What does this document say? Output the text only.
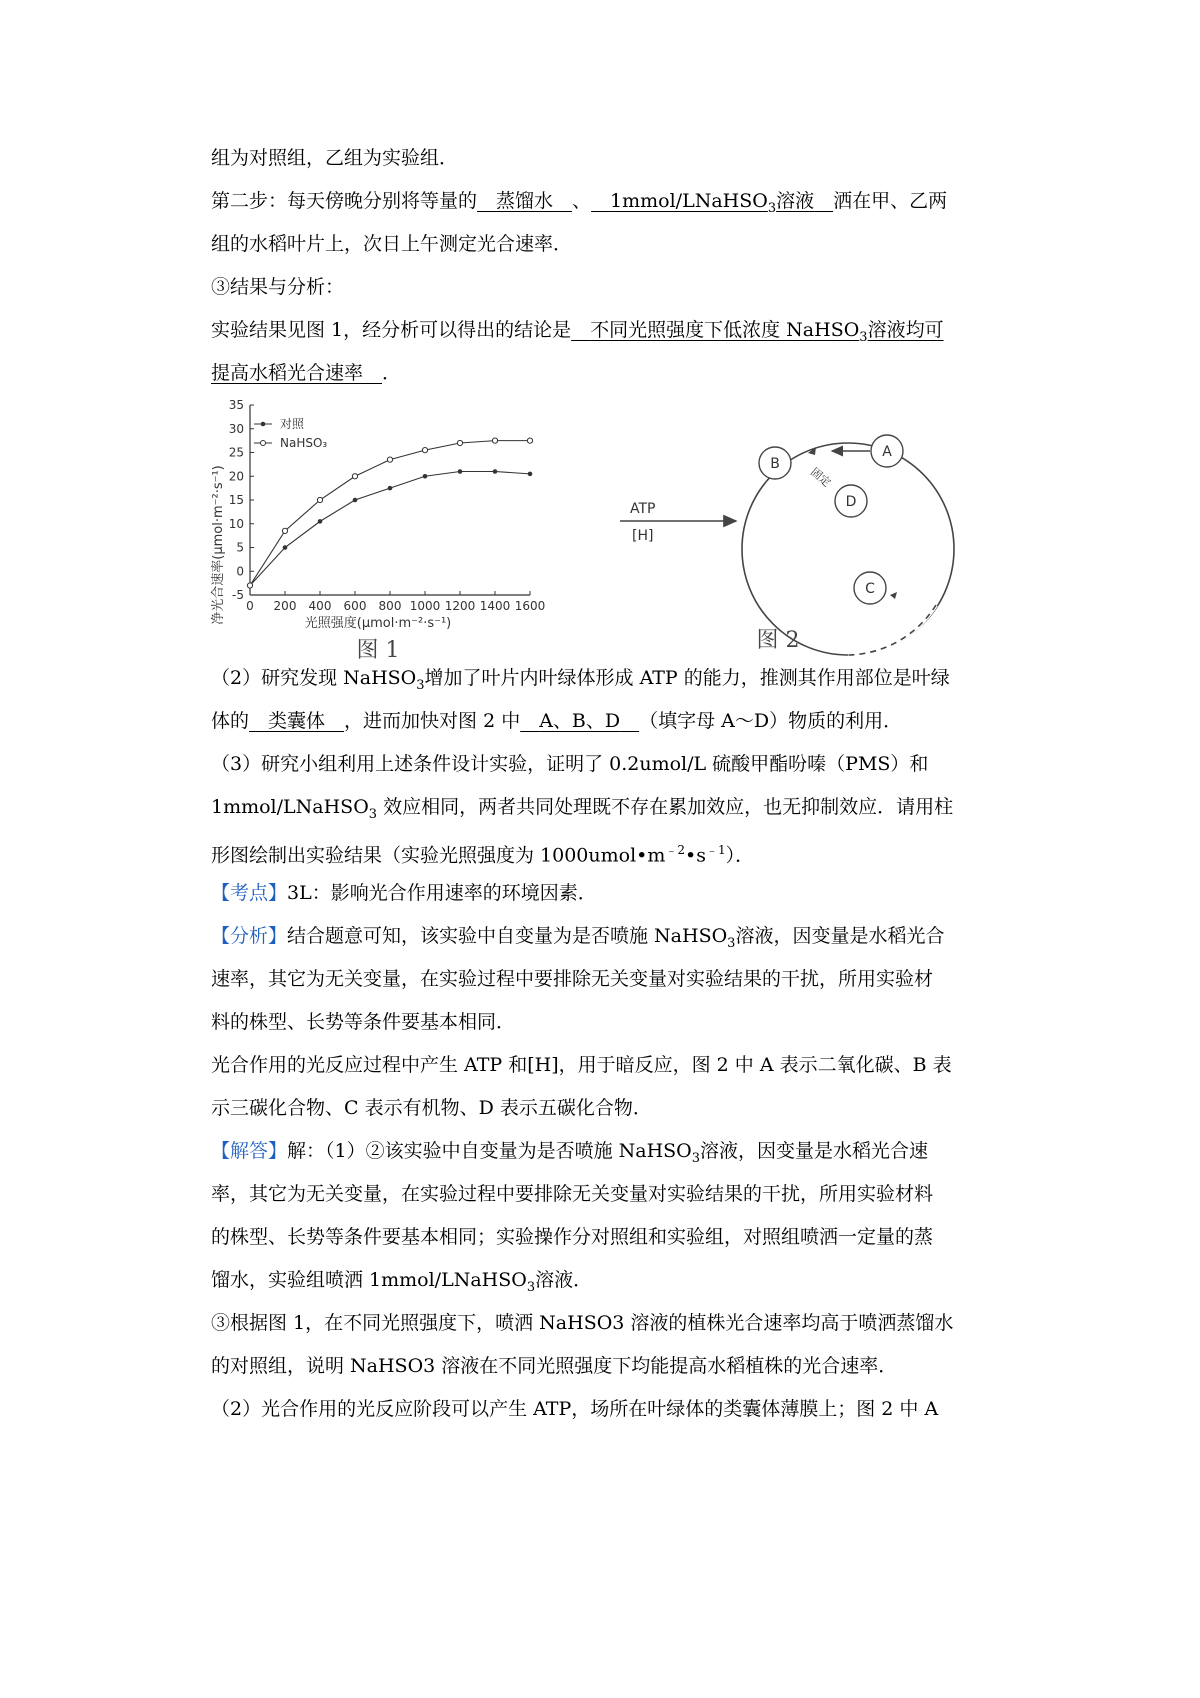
组为对照组，乙组为实验组．
第二步：每天傍晚分别将等量的   蒸馏水   、   1mmol/LNaHSO$_3$溶液   洒在甲、乙两
组的水稻叶片上，次日上午测定光合速率．
③结果与分析：
实验结果见图 1，经分析可以得出的结论是   不同光照强度下低浓度 NaHSO$_3$溶液均可
提高水稻光合速率   ．
-5
0
5
10
15
20
25
30
35
0 200 400 600 800 1000 1200 1400 1600
净光合速率(μmol·m⁻²·s⁻¹)	光照强度(μmol·m⁻²·s⁻¹)
图 1
对照
NaHSO₃
B
D
A
固定
ATP
[H]
C
图 2
（2）研究发现 NaHSO$_3$增加了叶片内叶绿体形成 ATP 的能力，推测其作用部位是叶绿
体的   类囊体   ，进而加快对图 2 中   A、B、D   （填字母 A～D）物质的利用．
（3）研究小组利用上述条件设计实验，证明了 0.2umol/L 硫酸甲酯吩嗪（PMS）和
1mmol/LNaHSO$_3$ 效应相同，两者共同处理既不存在累加效应，也无抑制效应．请用柱
形图绘制出实验结果（实验光照强度为 $1000umol•m^{﹣2}•s^{﹣1}$）．
【考点】3L：影响光合作用速率的环境因素．
【分析】结合题意可知，该实验中自变量为是否喷施 NaHSO$_3$溶液，因变量是水稻光合
速率，其它为无关变量，在实验过程中要排除无关变量对实验结果的干扰，所用实验材
料的株型、长势等条件要基本相同．
光合作用的光反应过程中产生 ATP 和[H]，用于暗反应，图 2 中 A 表示二氧化碳、B 表
示三碳化合物、C 表示有机物、D 表示五碳化合物．
【解答】解：（1）②该实验中自变量为是否喷施 NaHSO$_3$溶液，因变量是水稻光合速
率，其它为无关变量，在实验过程中要排除无关变量对实验结果的干扰，所用实验材料
的株型、长势等条件要基本相同；实验操作分对照组和实验组，对照组喷洒一定量的蒸
馏水，实验组喷洒 1mmol/LNaHSO$_3$溶液．
③根据图 1，在不同光照强度下，喷洒 NaHSO3 溶液的植株光合速率均高于喷洒蒸馏水
的对照组，说明 NaHSO3 溶液在不同光照强度下均能提高水稻植株的光合速率．
（2）光合作用的光反应阶段可以产生 ATP，场所在叶绿体的类囊体薄膜上；图 2 中 A
